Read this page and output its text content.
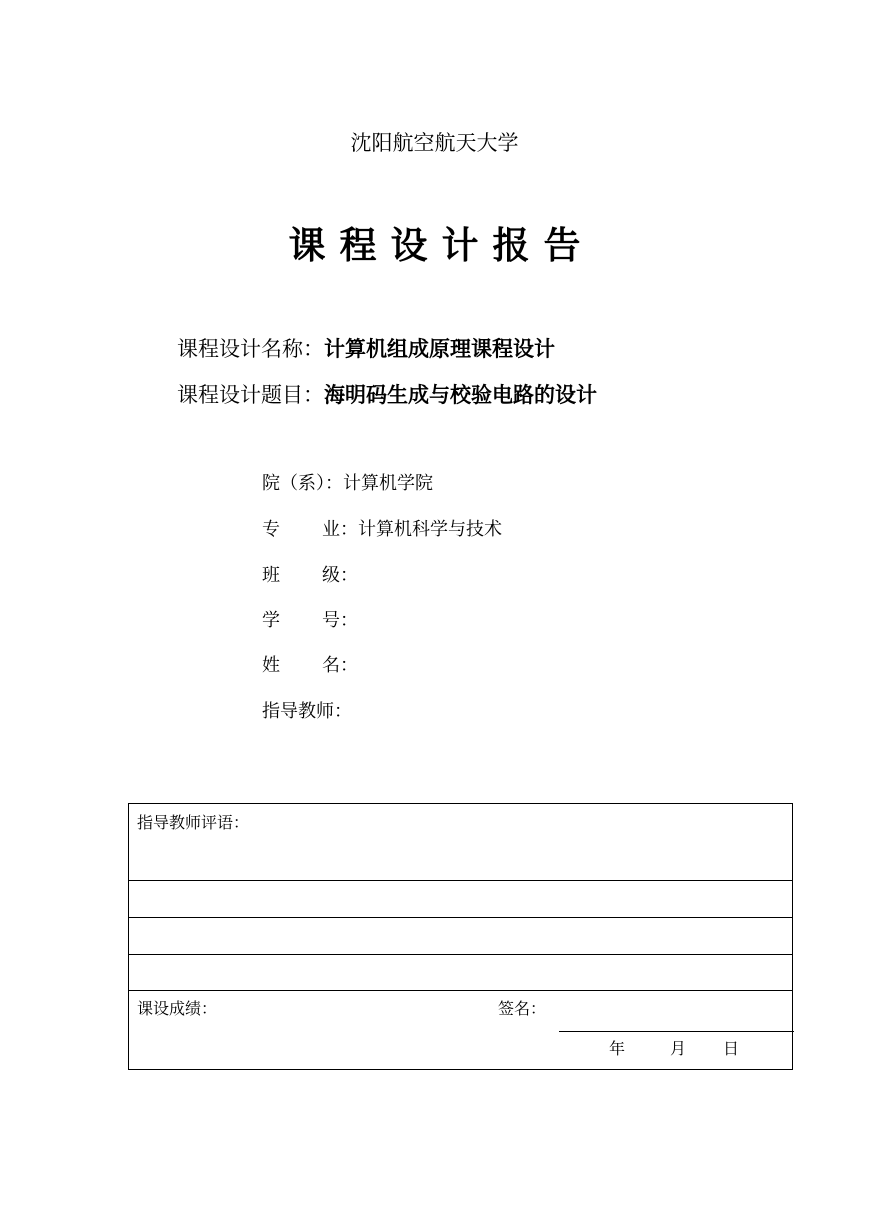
沈阳航空航天大学
课 程 设 计 报 告
课程设计名称：计算机组成原理课程设计
课程设计题目：海明码生成与校验电路的设计
院（系）：计算机学院
专 业：计算机科学与技术
班 级：
学 号：
姓 名：
指导教师：
指导教师评语：
课设成绩：	签名：
年	月 日
